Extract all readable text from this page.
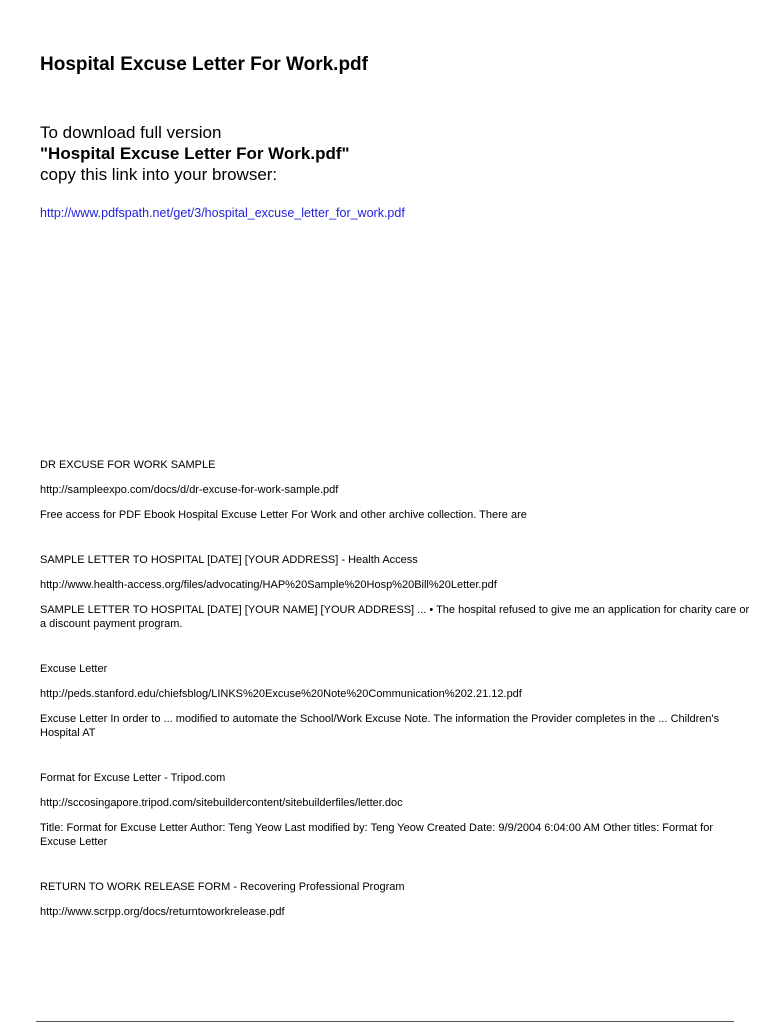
Hospital Excuse Letter For Work.pdf
To download full version
"Hospital Excuse Letter For Work.pdf"
copy this link into your browser:
http://www.pdfspath.net/get/3/hospital_excuse_letter_for_work.pdf
DR EXCUSE FOR WORK SAMPLE
http://sampleexpo.com/docs/d/dr-excuse-for-work-sample.pdf
Free access for PDF Ebook Hospital Excuse Letter For Work and other archive collection. There are
SAMPLE LETTER TO HOSPITAL [DATE] [YOUR ADDRESS] - Health Access
http://www.health-access.org/files/advocating/HAP%20Sample%20Hosp%20Bill%20Letter.pdf
SAMPLE LETTER TO HOSPITAL [DATE] [YOUR NAME] [YOUR ADDRESS] ... • The hospital refused to give me an application for charity care or a discount payment program.
Excuse Letter
http://peds.stanford.edu/chiefsblog/LINKS%20Excuse%20Note%20Communication%202.21.12.pdf
Excuse Letter In order to ... modified to automate the School/Work Excuse Note. The information the Provider completes in the ... Children's Hospital AT
Format for Excuse Letter - Tripod.com
http://sccosingapore.tripod.com/sitebuildercontent/sitebuilderfiles/letter.doc
Title: Format for Excuse Letter Author: Teng Yeow Last modified by: Teng Yeow Created Date: 9/9/2004 6:04:00 AM Other titles: Format for Excuse Letter
RETURN TO WORK RELEASE FORM - Recovering Professional Program
http://www.scrpp.org/docs/returntoworkrelease.pdf
